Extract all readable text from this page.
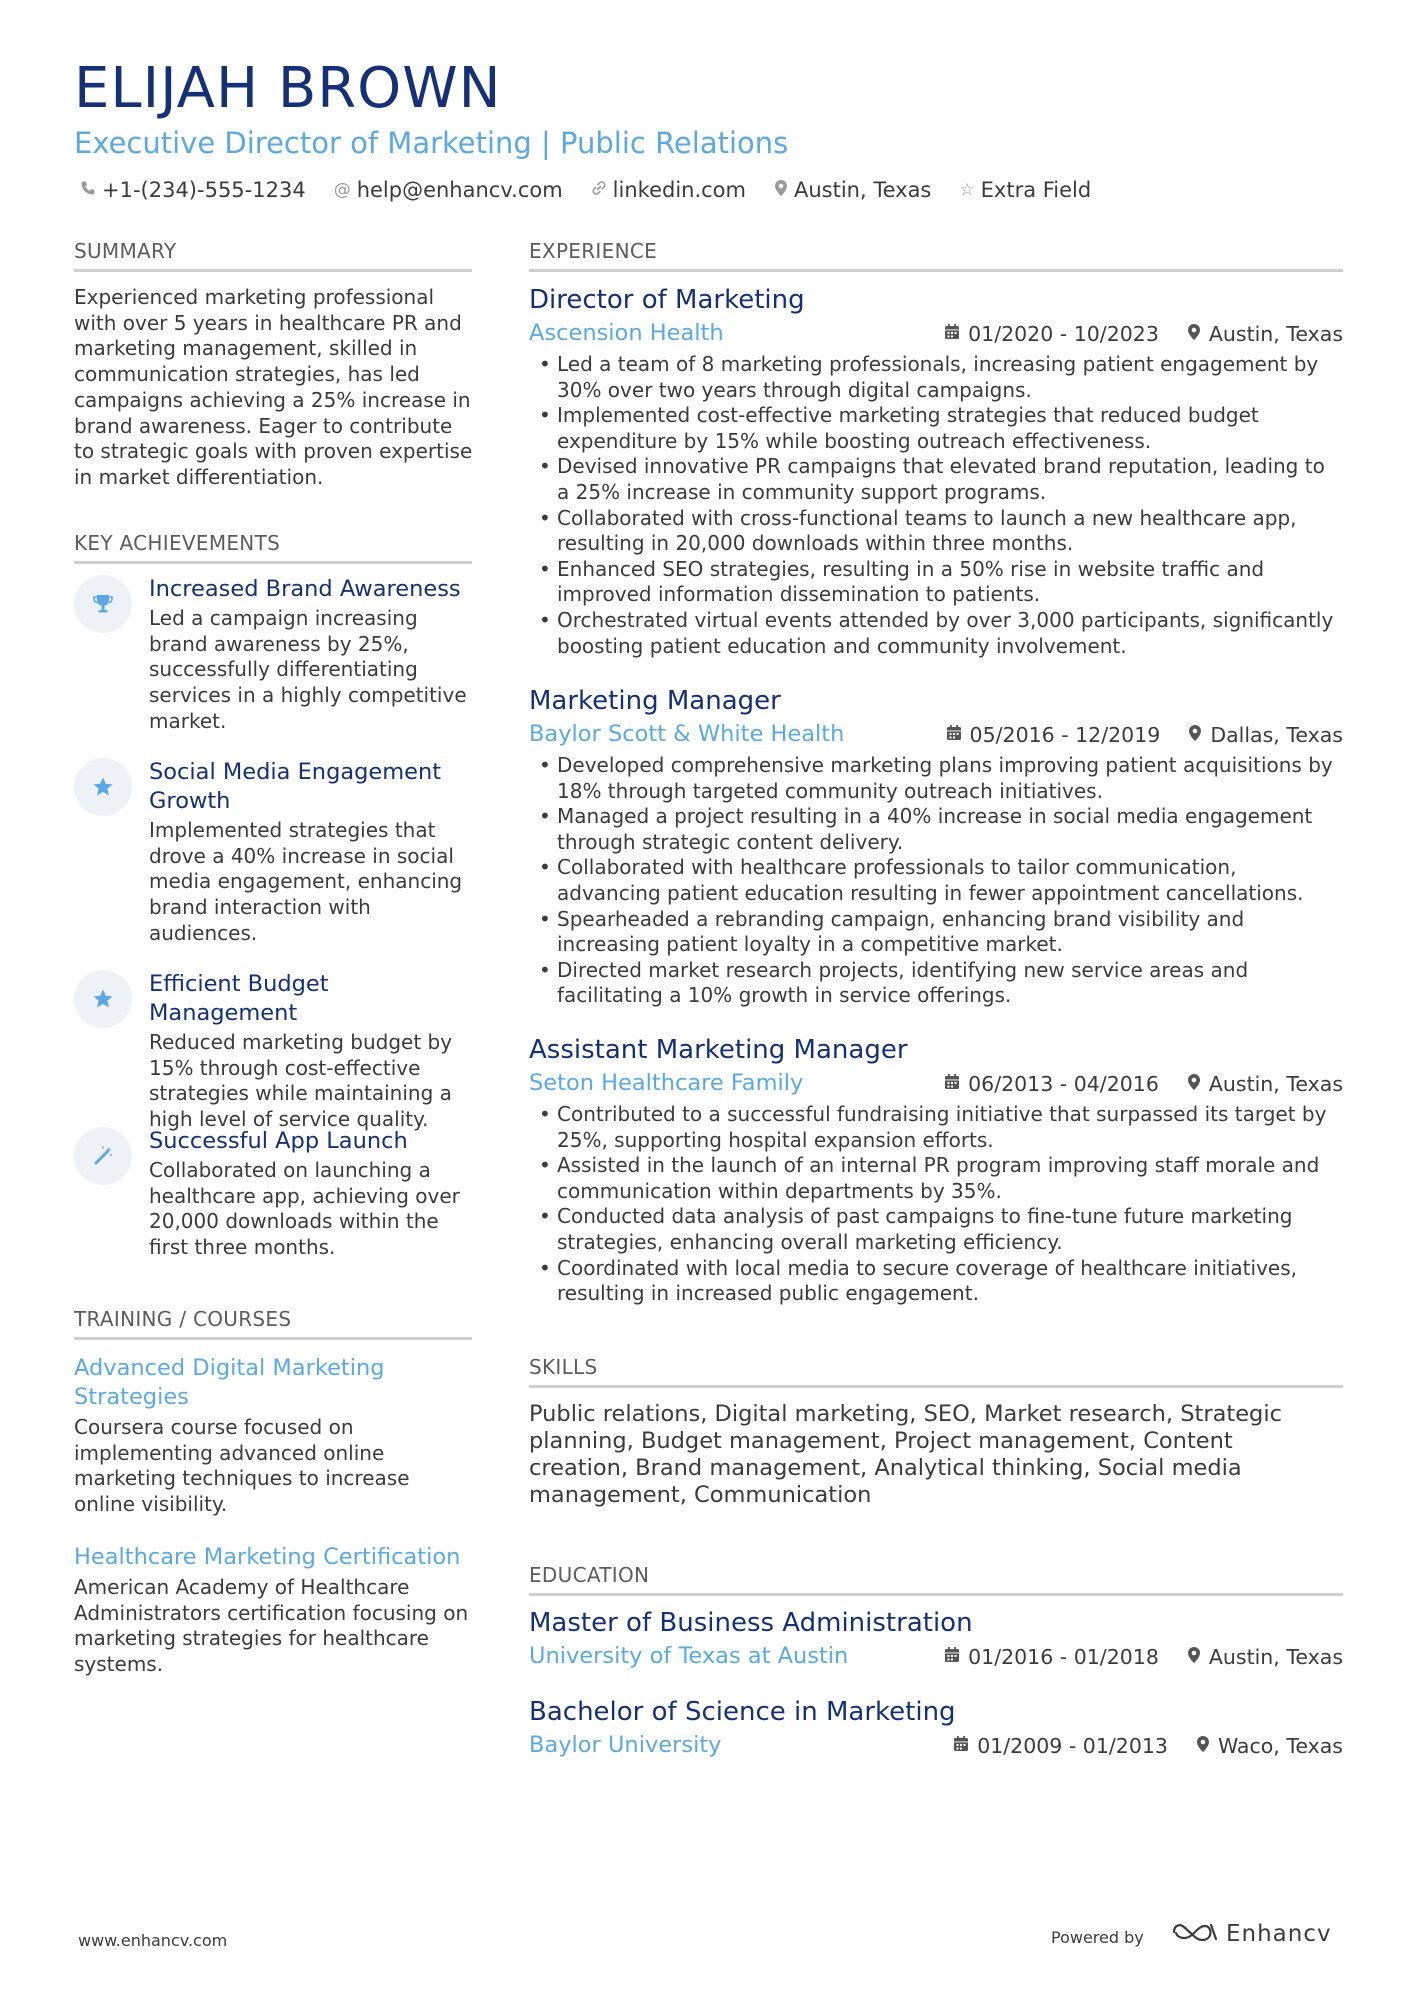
ELIJAH BROWN
Executive Director of Marketing | Public Relations
+1-(234)-555-1234 @ help@enhancv.com linkedin.com Austin, Texas ☆ Extra Field
SUMMARY
Experienced marketing professional with over 5 years in healthcare PR and marketing management, skilled in communication strategies, has led campaigns achieving a 25% increase in brand awareness. Eager to contribute to strategic goals with proven expertise in market differentiation.
KEY ACHIEVEMENTS
Increased Brand Awareness
Led a campaign increasing brand awareness by 25%, successfully differentiating services in a highly competitive market.
Social Media Engagement Growth
Implemented strategies that drove a 40% increase in social media engagement, enhancing brand interaction with audiences.
Efficient Budget Management
Reduced marketing budget by 15% through cost-effective strategies while maintaining a high level of service quality.
Successful App Launch
Collaborated on launching a healthcare app, achieving over 20,000 downloads within the first three months.
TRAINING / COURSES
Advanced Digital Marketing Strategies
Coursera course focused on implementing advanced online marketing techniques to increase online visibility.
Healthcare Marketing Certification
American Academy of Healthcare Administrators certification focusing on marketing strategies for healthcare systems.
EXPERIENCE
Director of Marketing
Ascension Health	01/2020 - 10/2023 Austin, Texas
• Led a team of 8 marketing professionals, increasing patient engagement by 30% over two years through digital campaigns.
• Implemented cost-effective marketing strategies that reduced budget expenditure by 15% while boosting outreach effectiveness.
• Devised innovative PR campaigns that elevated brand reputation, leading to a 25% increase in community support programs.
• Collaborated with cross-functional teams to launch a new healthcare app, resulting in 20,000 downloads within three months.
• Enhanced SEO strategies, resulting in a 50% rise in website traffic and improved information dissemination to patients.
• Orchestrated virtual events attended by over 3,000 participants, significantly boosting patient education and community involvement.
Marketing Manager
Baylor Scott & White Health	05/2016 - 12/2019 Dallas, Texas
• Developed comprehensive marketing plans improving patient acquisitions by 18% through targeted community outreach initiatives.
• Managed a project resulting in a 40% increase in social media engagement through strategic content delivery.
• Collaborated with healthcare professionals to tailor communication, advancing patient education resulting in fewer appointment cancellations.
• Spearheaded a rebranding campaign, enhancing brand visibility and increasing patient loyalty in a competitive market.
• Directed market research projects, identifying new service areas and facilitating a 10% growth in service offerings.
Assistant Marketing Manager
Seton Healthcare Family	06/2013 - 04/2016 Austin, Texas
• Contributed to a successful fundraising initiative that surpassed its target by 25%, supporting hospital expansion efforts.
• Assisted in the launch of an internal PR program improving staff morale and communication within departments by 35%.
• Conducted data analysis of past campaigns to fine-tune future marketing strategies, enhancing overall marketing efficiency.
• Coordinated with local media to secure coverage of healthcare initiatives, resulting in increased public engagement.
SKILLS
Public relations, Digital marketing, SEO, Market research, Strategic planning, Budget management, Project management, Content creation, Brand management, Analytical thinking, Social media management, Communication
EDUCATION
Master of Business Administration
University of Texas at Austin	01/2016 - 01/2018 Austin, Texas
Bachelor of Science in Marketing
Baylor University	01/2009 - 01/2013 Waco, Texas
www.enhancv.com	Powered by	Enhancv
